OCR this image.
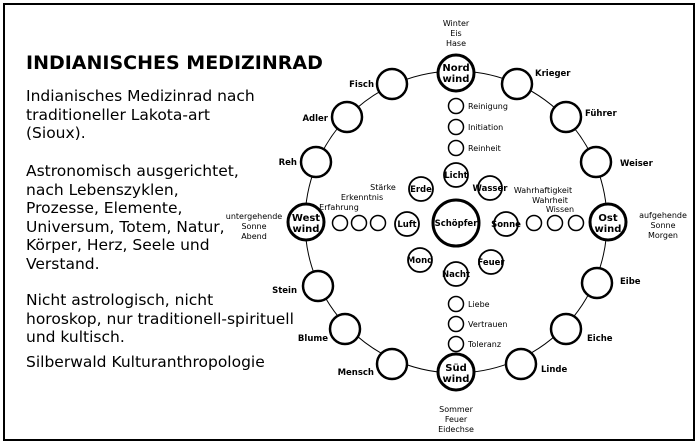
INDIANISCHES MEDIZINRAD

Indianisches Medizinrad nach
traditioneller Lakota-art
(Sioux).

Astronomisch ausgerichtet,
nach Lebenszyklen,
Prozesse, Elemente,
Universum, Totem, Natur,
Körper, Herz, Seele und
Verstand.

Nicht astrologisch, nicht
horoskop, nur traditionell-spirituell
und kultisch.

Silberwald Kulturanthropologie

Nord
wind
Süd
wind
Ost
wind
West
wind
Winter
Eis
Hase
Sommer
Feuer
Eidechse
aufgehende
Sonne
Morgen
untergehende
Sonne
Abend
Fisch
Krieger
Adler	Führer
Reh	Weiser
Stein
Eibe
Blume	Eiche
Mensch	Linde
Reinigung
Initiation
Reinheit
Liebe
Vertrauen
Toleranz
Wahrhaftigkeit
Wahrheit
Wissen
Stärke
Erkenntnis
Erfahrung
Licht
Erde	Wasser
Luft	Sonne
Mond	Feuer
Nacht
Schöpfer
